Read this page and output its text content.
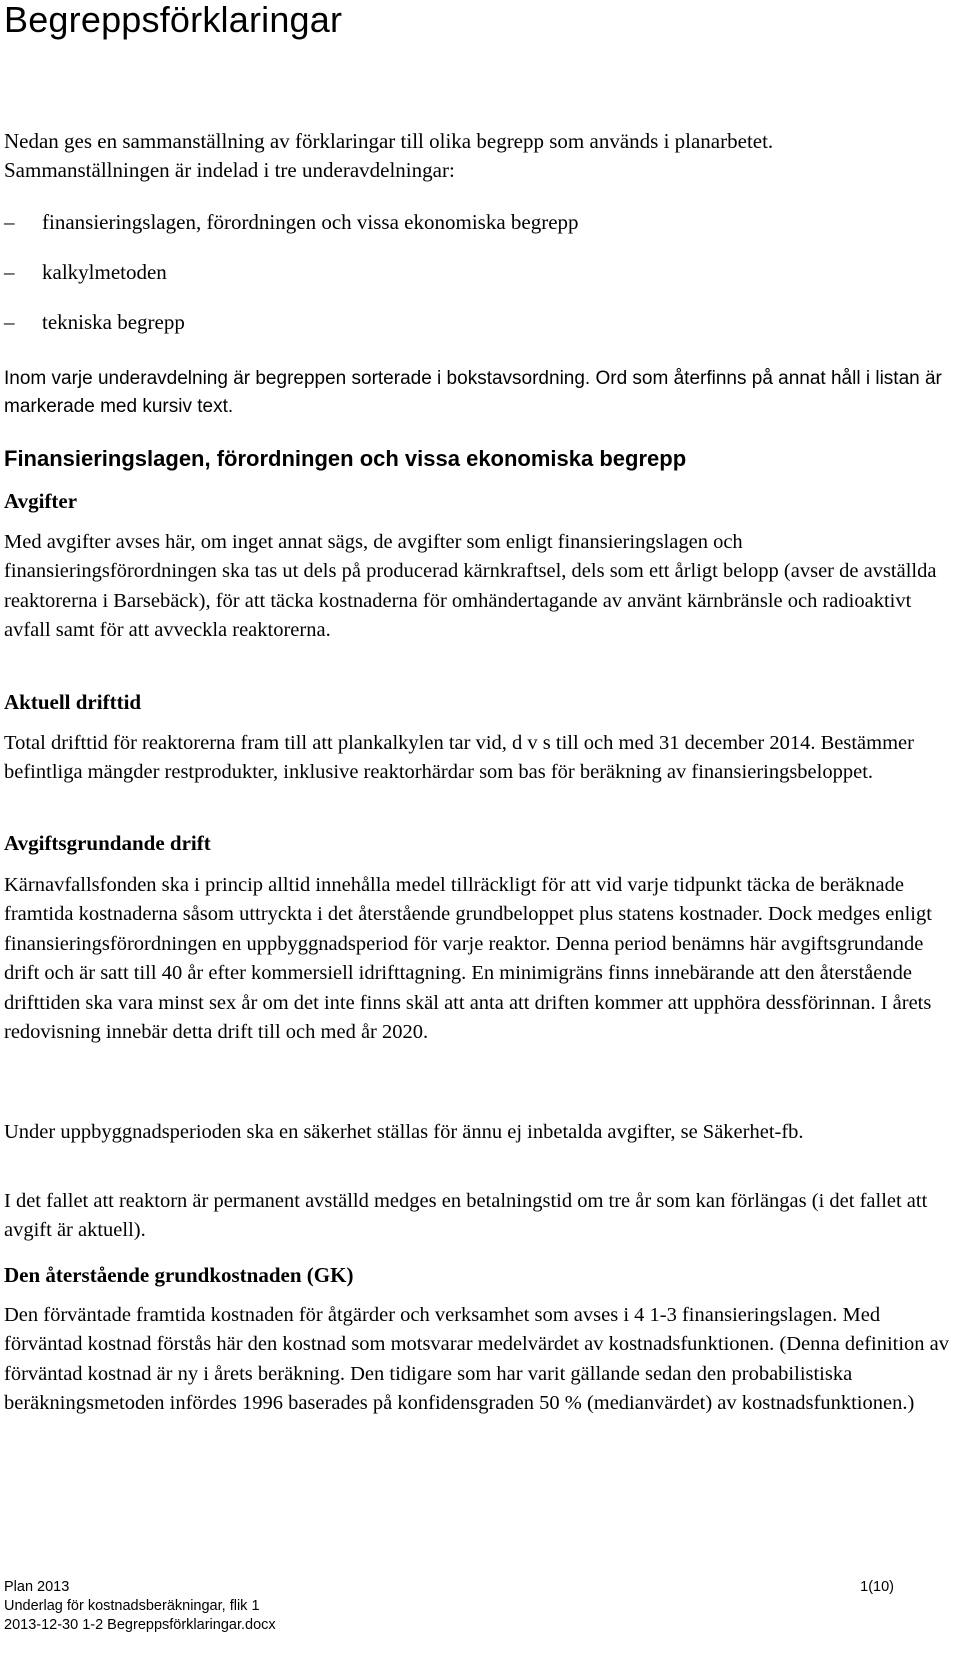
Begreppsförklaringar

Nedan ges en sammanställning av förklaringar till olika begrepp som används i planarbetet. Sammanställningen är indelad i tre underavdelningar:

–	finansieringslagen, förordningen och vissa ekonomiska begrepp
–	kalkylmetoden
–	tekniska begrepp

Inom varje underavdelning är begreppen sorterade i bokstavsordning. Ord som återfinns på annat håll i listan är markerade med kursiv text.

Finansieringslagen, förordningen och vissa ekonomiska begrepp
Avgifter

Med avgifter avses här, om inget annat sägs, de avgifter som enligt finansieringslagen och finansieringsförordningen ska tas ut dels på producerad kärnkraftsel, dels som ett årligt belopp (avser de avställda reaktorerna i Barsebäck), för att täcka kostnaderna för omhändertagande av använt kärnbränsle och radioaktivt avfall samt för att avveckla reaktorerna.

Aktuell drifttid

Total drifttid för reaktorerna fram till att plankalkylen tar vid, d v s till och med 31 december 2014. Bestämmer befintliga mängder restprodukter, inklusive reaktorhärdar som bas för beräkning av finansieringsbeloppet.

Avgiftsgrundande drift

Kärnavfallsfonden ska i princip alltid innehålla medel tillräckligt för att vid varje tidpunkt täcka de beräknade framtida kostnaderna såsom uttryckta i det återstående grundbeloppet plus statens kostnader. Dock medges enligt finansieringsförordningen en uppbyggnadsperiod för varje reaktor. Denna period benämns här avgiftsgrundande drift och är satt till 40 år efter kommersiell idrifttagning. En minimigräns finns innebärande att den återstående drifttiden ska vara minst sex år om det inte finns skäl att anta att driften kommer att upphöra dessförinnan. I årets redovisning innebär detta drift till och med år 2020.

Under uppbyggnadsperioden ska en säkerhet ställas för ännu ej inbetalda avgifter, se Säkerhet-fb.

I det fallet att reaktorn är permanent avställd medges en betalningstid om tre år som kan förlängas (i det fallet att avgift är aktuell).

Den återstående grundkostnaden (GK)

Den förväntade framtida kostnaden för åtgärder och verksamhet som avses i 4 1-3 finansieringslagen. Med förväntad kostnad förstås här den kostnad som motsvarar medelvärdet av kostnadsfunktionen. (Denna definition av förväntad kostnad är ny i årets beräkning. Den tidigare som har varit gällande sedan den probabilistiska beräkningsmetoden infördes 1996 baserades på konfidensgraden 50 % (medianvärdet) av kostnadsfunktionen.)

Plan 2013	1(10)
Underlag för kostnadsberäkningar, flik 1
2013-12-30 1-2 Begreppsförklaringar.docx
